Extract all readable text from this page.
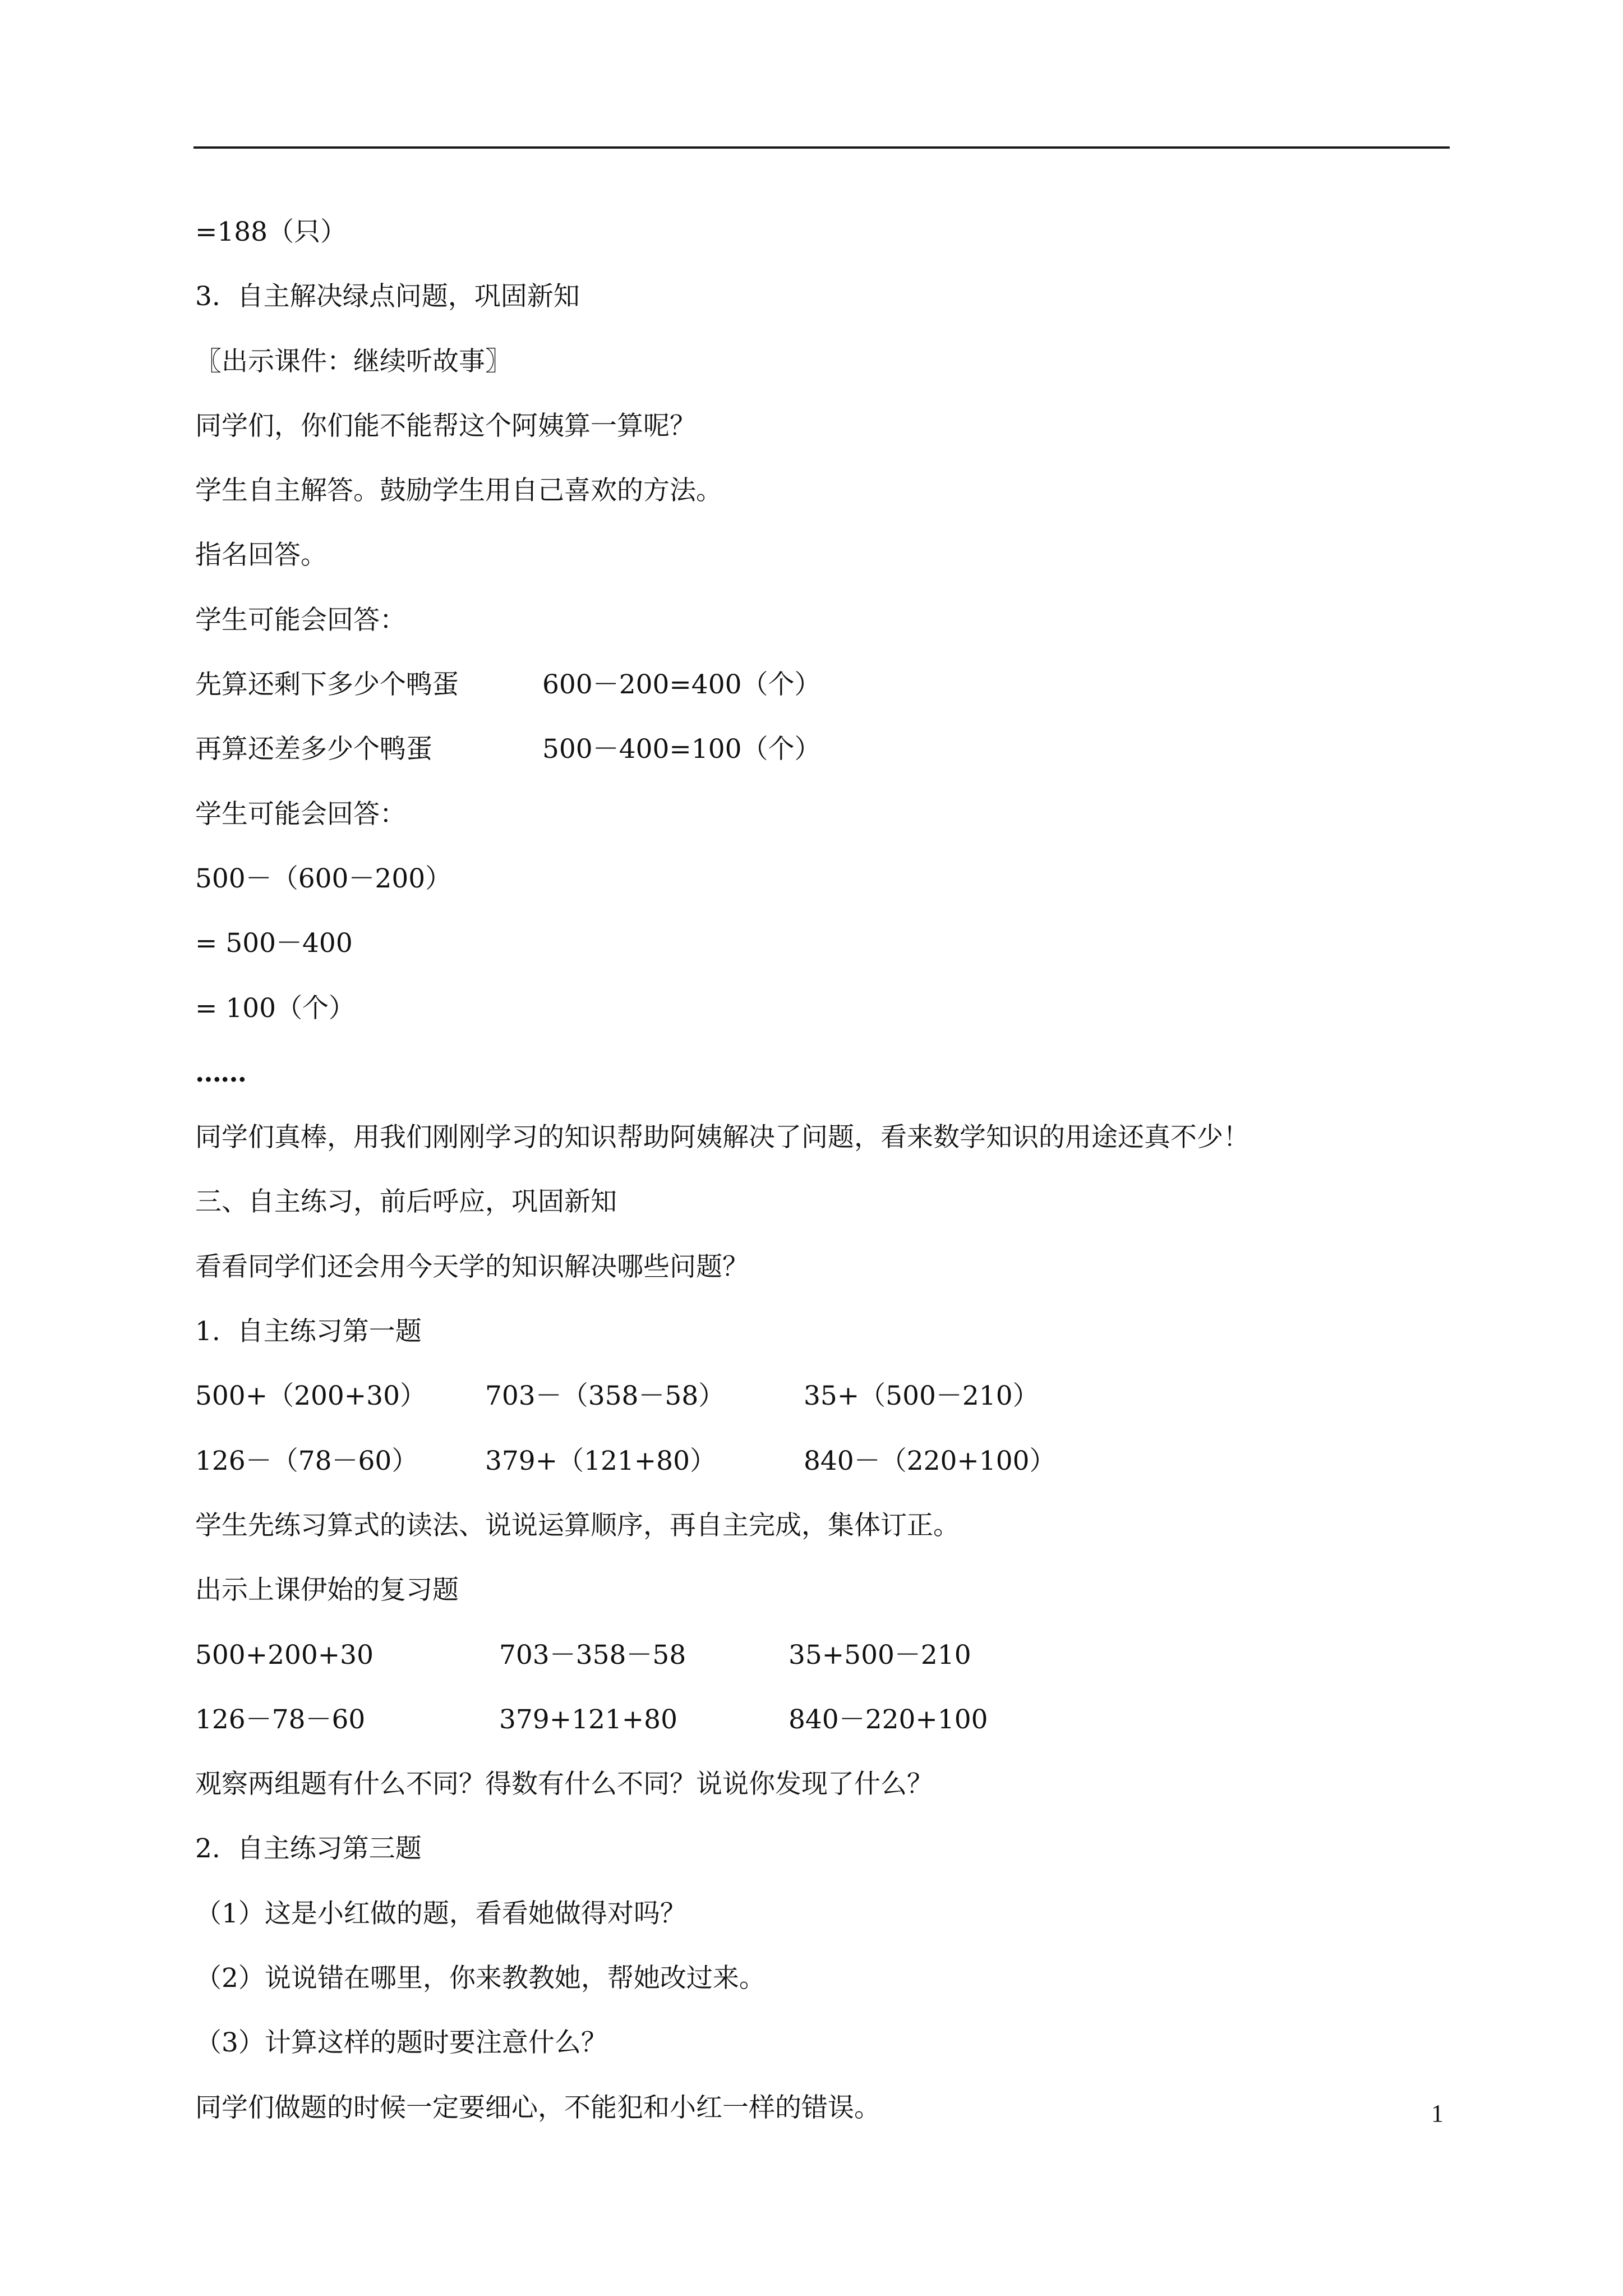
=188（只）
3.  自主解决绿点问题，巩固新知
〖出示课件：继续听故事〗
同学们，你们能不能帮这个阿姨算一算呢？
学生自主解答。鼓励学生用自己喜欢的方法。
指名回答。
学生可能会回答：

先算还剩下多少个鸭蛋

	600－200=400（个）

再算还差多少个鸭蛋

	500－400=100（个）

学生可能会回答：
500－（600－200）
= 500－400
= 100（个）
……
同学们真棒，用我们刚刚学习的知识帮助阿姨解决了问题，看来数学知识的用途还真不少！
三、自主练习，前后呼应，巩固新知
看看同学们还会用今天学的知识解决哪些问题？
1.  自主练习第一题

500+（200+30）

703－（358－58）

	35+（500－210）

126－（78－60）

	379+（121+80）

	840－（220+100）

学生先练习算式的读法、说说运算顺序，再自主完成，集体订正。
出示上课伊始的复习题

500+200+30

	703－358－58

	35+500－210

126－78－60

	379+121+80

	840－220+100

观察两组题有什么不同？得数有什么不同？说说你发现了什么？
2.  自主练习第三题
（1）这是小红做的题，看看她做得对吗？
（2）说说错在哪里，你来教教她，帮她改过来。
（3）计算这样的题时要注意什么？
同学们做题的时候一定要细心，不能犯和小红一样的错误。	1
